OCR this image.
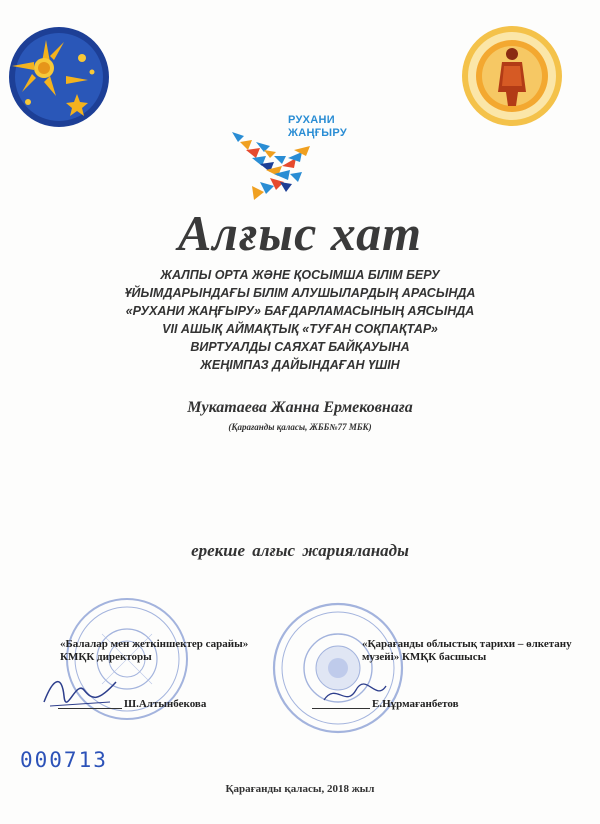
РУХАНИ
ЖАҢҒЫРУ
Алғыс хат
ЖАЛПЫ ОРТА ЖӘНЕ ҚОСЫМША БІЛІМ БЕРУ
ҰЙЫМДАРЫНДАҒЫ БІЛІМ АЛУШЫЛАРДЫҢ АРАСЫНДА
«РУХАНИ ЖАҢҒЫРУ» БАҒДАРЛАМАСЫНЫҢ АЯСЫНДА
VII АШЫҚ АЙМАҚТЫҚ «ТУҒАН СОҚПАҚТАР»
ВИРТУАЛДЫ САЯХАТ БАЙҚАУЫНА
ЖЕҢІМПАЗ ДАЙЫНДАҒАН ҮШІН
Мукатаева Жанна Ермековнаға
(Қарағанды қаласы, ЖББ№77 МБК)
ерекше алғыс жарияланады
«Балалар мен жеткіншектер сарайы»
КМҚК директоры
Ш.Алтынбекова
«Қарағанды облыстық тарихи – өлкетану
музейі» КМҚК басшысы
Е.Нұрмағанбетов
000713
Қарағанды қаласы, 2018 жыл
